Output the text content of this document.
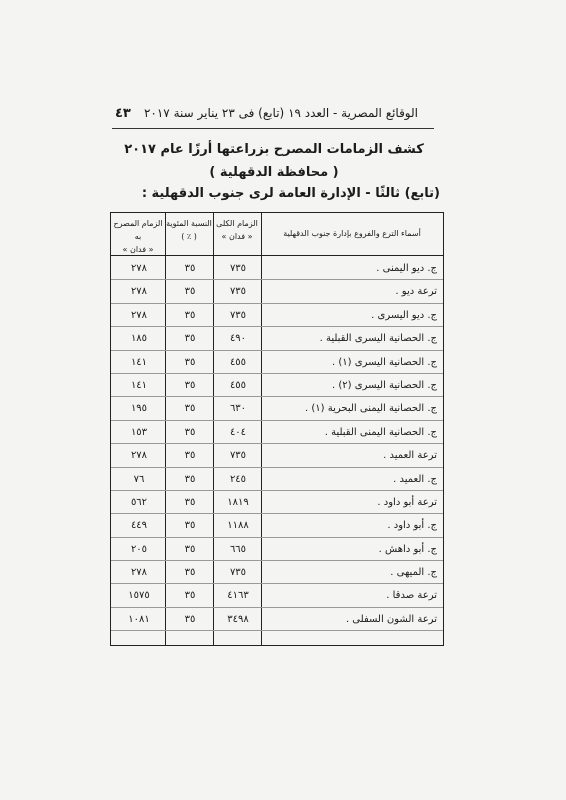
٤٣	الوقائع المصرية - العدد ١٩ (تابع) فى ٢٣ يناير سنة ٢٠١٧
كشف الزمامات المصرح بزراعتها أرزًا عام ٢٠١٧
( محافظة الدقهلية )
(تابع) ثالثًا - الإدارة العامة لرى جنوب الدقهلية :
أسماء الترع والفروع بإدارة جنوب الدقهلية
الزمام الكلى
« فدان »
النسبة المئوية
( ٪ )
الزمام المصرح به
« فدان »
ج. ديو اليمنى .
٧٣٥
٣٥
٢٧٨
ترعة ديو .
٧٣٥
٣٥
٢٧٨
ج. ديو اليسرى .
٧٣٥
٣٥
٢٧٨
ج. الحصانية اليسرى القبلية .
٤٩٠
٣٥
١٨٥
ج. الحصانية اليسرى (١) .
٤٥٥
٣٥
١٤١
ج. الحصانية اليسرى (٢) .
٤٥٥
٣٥
١٤١
ج. الحصانية اليمنى البحرية (١) .
٦٣٠
٣٥
١٩٥
ج. الحصانية اليمنى القبلية .
٤٠٤
٣٥
١٥٣
ترعة العميد .
٧٣٥
٣٥
٢٧٨
ج. العميد .
٢٤٥
٣٥
٧٦
ترعة أبو داود .
١٨١٩
٣٥
٥٦٢
ج. أبو داود .
١١٨٨
٣٥
٤٤٩
ج. أبو داهش .
٦٦٥
٣٥
٢٠٥
ج. الميهى .
٧٣٥
٣٥
٢٧٨
ترعة صدقا .
٤١٦٣
٣٥
١٥٧٥
ترعة الشون السفلى .
٣٤٩٨
٣٥
١٠٨١
